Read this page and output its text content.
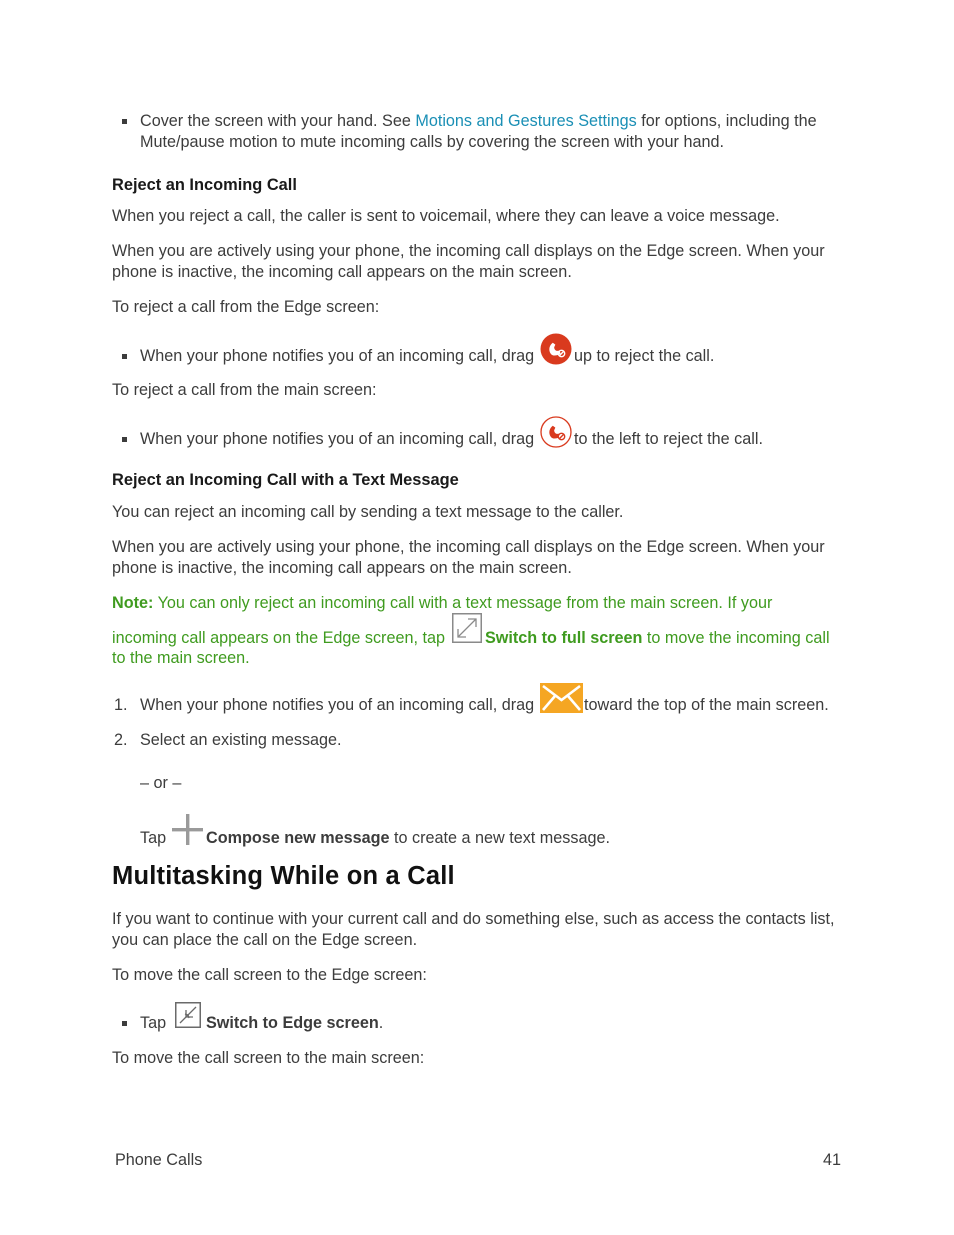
Cover the screen with your hand. See Motions and Gestures Settings for options, including the
Mute/pause motion to mute incoming calls by covering the screen with your hand.
Reject an Incoming Call
When you reject a call, the caller is sent to voicemail, where they can leave a voice message.
When you are actively using your phone, the incoming call displays on the Edge screen. When your
phone is inactive, the incoming call appears on the main screen.
To reject a call from the Edge screen:
When your phone notifies you of an incoming call, drag	up to reject the call.
To reject a call from the main screen:
When your phone notifies you of an incoming call, drag	to the left to reject the call.
Reject an Incoming Call with a Text Message
You can reject an incoming call by sending a text message to the caller.
When you are actively using your phone, the incoming call displays on the Edge screen. When your
phone is inactive, the incoming call appears on the main screen.
Note: You can only reject an incoming call with a text message from the main screen. If your
incoming call appears on the Edge screen, tap Switch to full screen to move the incoming call
to the main screen.
1. When your phone notifies you of an incoming call, drag	toward the top of the main screen.
2. Select an existing message.
– or –
Tap Compose new message to create a new text message.
Multitasking While on a Call
If you want to continue with your current call and do something else, such as access the contacts list,
you can place the call on the Edge screen.
To move the call screen to the Edge screen:
Tap	Switch to Edge screen.
To move the call screen to the main screen:
Phone Calls	41
